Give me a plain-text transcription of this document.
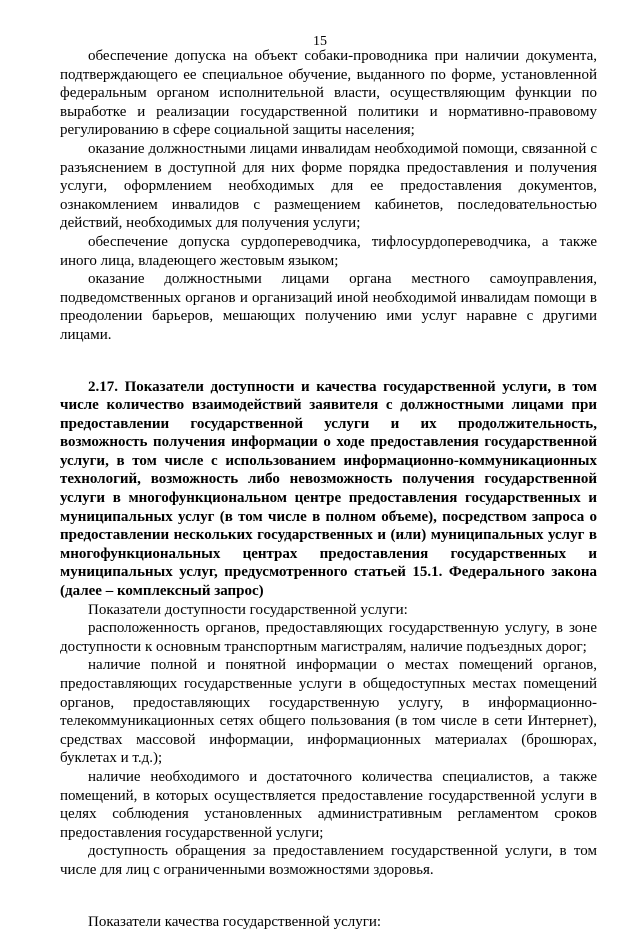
15

обеспечение допуска на объект собаки-проводника при наличии документа, подтверждающего ее специальное обучение, выданного по форме, установленной федеральным органом исполнительной власти, осуществляющим функции по выработке и реализации государственной политики и нормативно-правовому регулированию в сфере социальной защиты населения;

оказание должностными лицами инвалидам необходимой помощи, связанной с разъяснением в доступной для них форме порядка предоставления и получения услуги, оформлением необходимых для ее предоставления документов, ознакомлением инвалидов с размещением кабинетов, последовательностью действий, необходимых для получения услуги;

обеспечение допуска сурдопереводчика, тифлосурдопереводчика, а также иного лица, владеющего жестовым языком;

оказание должностными лицами органа местного самоуправления, подведомственных органов и организаций иной необходимой инвалидам помощи в преодолении барьеров, мешающих получению ими услуг наравне с другими лицами.

2.17. Показатели доступности и качества государственной услуги, в том числе количество взаимодействий заявителя с должностными лицами при предоставлении государственной услуги и их продолжительность, возможность получения информации о ходе предоставления государственной услуги, в том числе с использованием информационно-коммуникационных технологий, возможность либо невозможность получения государственной услуги в многофункциональном центре предоставления государственных и муниципальных услуг (в том числе в полном объеме), посредством запроса о предоставлении нескольких государственных и (или) муниципальных услуг в многофункциональных центрах предоставления государственных и муниципальных услуг, предусмотренного статьей 15.1. Федерального закона (далее – комплексный запрос)

Показатели доступности государственной услуги:

расположенность органов, предоставляющих государственную услугу, в зоне доступности к основным транспортным магистралям, наличие подъездных дорог;

наличие полной и понятной информации о местах помещений органов, предоставляющих государственные услуги в общедоступных местах помещений органов, предоставляющих государственную услугу, в информационно-телекоммуникационных сетях общего пользования (в том числе в сети Интернет), средствах массовой информации, информационных материалах (брошюрах, буклетах и т.д.);

наличие необходимого и достаточного количества специалистов, а также помещений, в которых осуществляется предоставление государственной услуги в целях соблюдения установленных административным регламентом сроков предоставления государственной услуги;

доступность обращения за предоставлением государственной услуги, в том числе для лиц с ограниченными возможностями здоровья.

Показатели качества государственной услуги:
